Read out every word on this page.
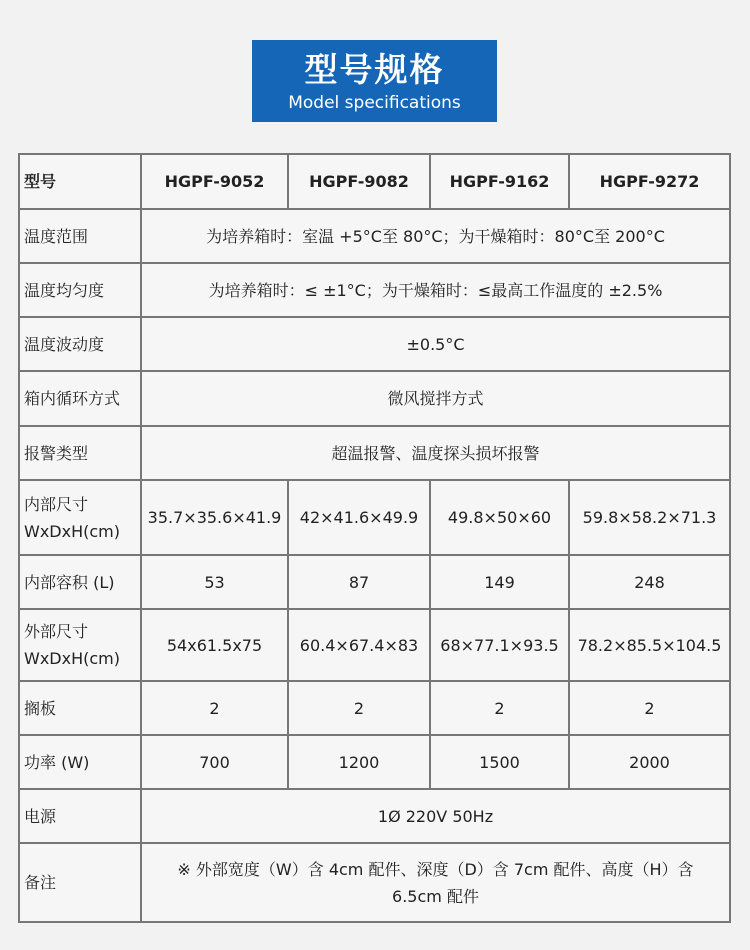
型号规格
Model specifications
型号	HGPF-9052	HGPF-9082	HGPF-9162	HGPF-9272
温度范围	为培养箱时：室温 +5°C至 80°C；为干燥箱时：80°C至 200°C			
温度均匀度	为培养箱时：≤ ±1°C；为干燥箱时：≤最高工作温度的 ±2.5%			
温度波动度	±0.5°C			
箱内循环方式	微风搅拌方式			
报警类型	超温报警、温度探头损坏报警			
内部尺寸
WxDxH(cm)	35.7×35.6×41.9	42×41.6×49.9	49.8×50×60	59.8×58.2×71.3
内部容积 (L)	53	87	149	248
外部尺寸
WxDxH(cm)	54x61.5x75	60.4×67.4×83	68×77.1×93.5	78.2×85.5×104.5
搁板	2	2	2	2
功率 (W)	700	1200	1500	2000
电源	1Ø 220V 50Hz			
备注	※ 外部宽度（W）含 4cm 配件、深度（D）含 7cm 配件、高度（H）含 6.5cm 配件			
